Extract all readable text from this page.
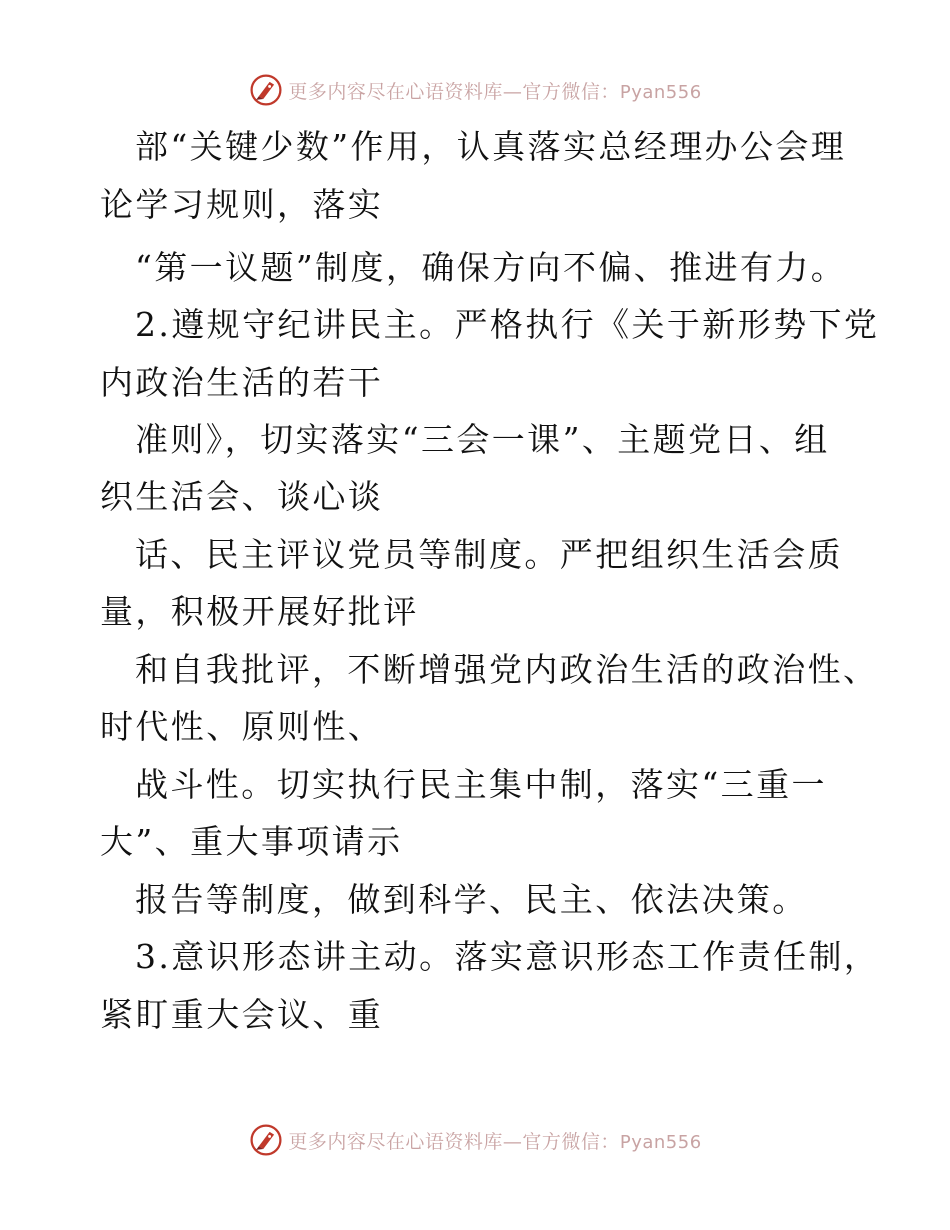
更多内容尽在心语资料库—官方微信：Pyan556
部“关键少数”作用，认真落实总经理办公会理
论学习规则，落实
“第一议题”制度，确保方向不偏、推进有力。
2.遵规守纪讲民主。严格执行《关于新形势下党
内政治生活的若干
准则》，切实落实“三会一课”、主题党日、组
织生活会、谈心谈
话、民主评议党员等制度。严把组织生活会质
量，积极开展好批评
和自我批评，不断增强党内政治生活的政治性、
时代性、原则性、
战斗性。切实执行民主集中制，落实“三重一
大”、重大事项请示
报告等制度，做到科学、民主、依法决策。
3.意识形态讲主动。落实意识形态工作责任制，
紧盯重大会议、重
更多内容尽在心语资料库—官方微信：Pyan556
